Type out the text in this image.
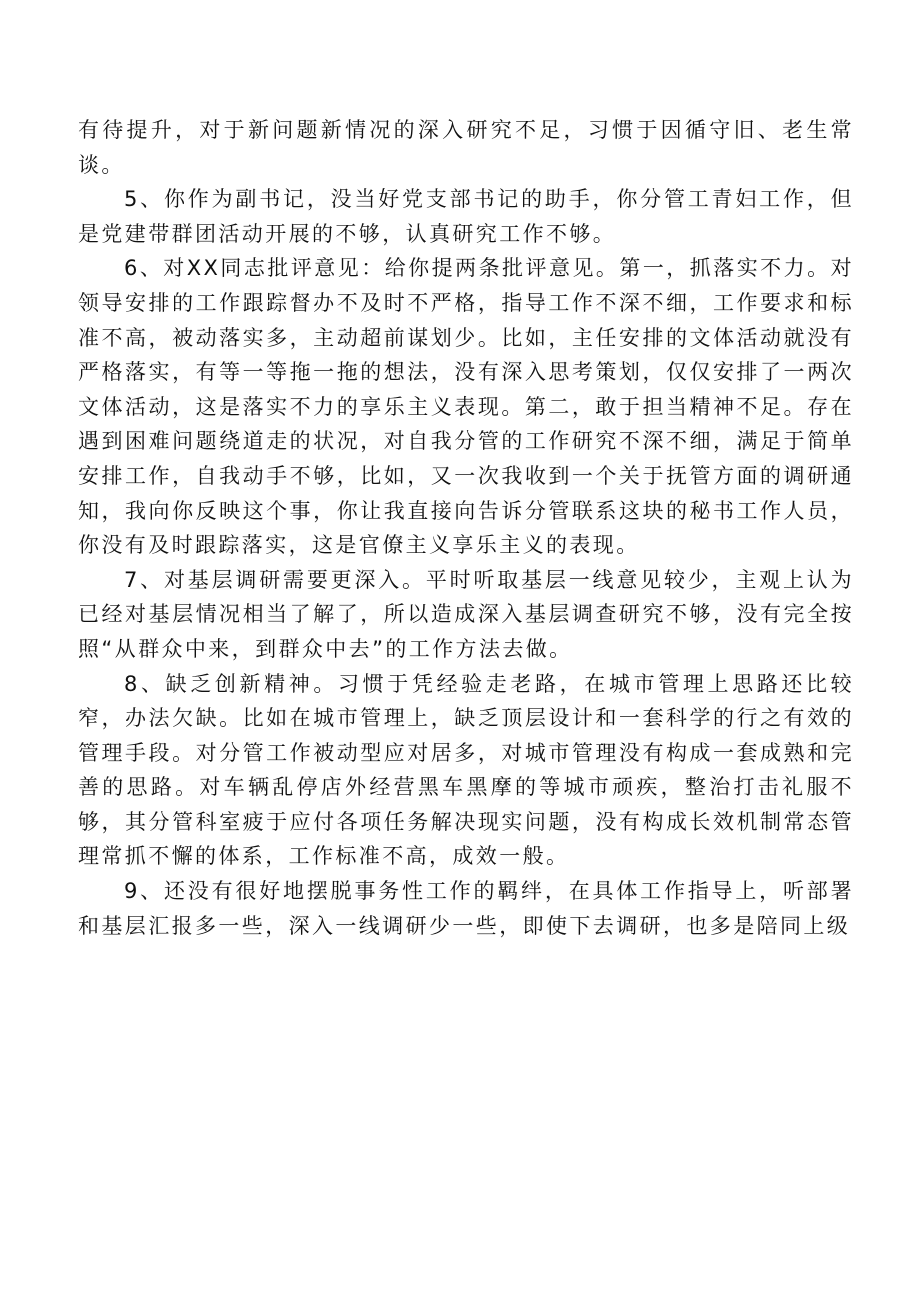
有待提升，对于新问题新情况的深入研究不足，习惯于因循守旧、老生常谈。

5、你作为副书记，没当好党支部书记的助手，你分管工青妇工作，但是党建带群团活动开展的不够，认真研究工作不够。

6、对XX同志批评意见：给你提两条批评意见。第一，抓落实不力。对领导安排的工作跟踪督办不及时不严格，指导工作不深不细，工作要求和标准不高，被动落实多，主动超前谋划少。比如，主任安排的文体活动就没有严格落实，有等一等拖一拖的想法，没有深入思考策划，仅仅安排了一两次文体活动，这是落实不力的享乐主义表现。第二，敢于担当精神不足。存在遇到困难问题绕道走的状况，对自我分管的工作研究不深不细，满足于简单安排工作，自我动手不够，比如，又一次我收到一个关于抚管方面的调研通知，我向你反映这个事，你让我直接向告诉分管联系这块的秘书工作人员，你没有及时跟踪落实，这是官僚主义享乐主义的表现。

7、对基层调研需要更深入。平时听取基层一线意见较少，主观上认为已经对基层情况相当了解了，所以造成深入基层调查研究不够，没有完全按照“从群众中来，到群众中去”的工作方法去做。

8、缺乏创新精神。习惯于凭经验走老路，在城市管理上思路还比较窄，办法欠缺。比如在城市管理上，缺乏顶层设计和一套科学的行之有效的管理手段。对分管工作被动型应对居多，对城市管理没有构成一套成熟和完善的思路。对车辆乱停店外经营黑车黑摩的等城市顽疾，整治打击礼服不够，其分管科室疲于应付各项任务解决现实问题，没有构成长效机制常态管理常抓不懈的体系，工作标准不高，成效一般。

9、还没有很好地摆脱事务性工作的羁绊，在具体工作指导上，听部署和基层汇报多一些，深入一线调研少一些，即使下去调研，也多是陪同上级
